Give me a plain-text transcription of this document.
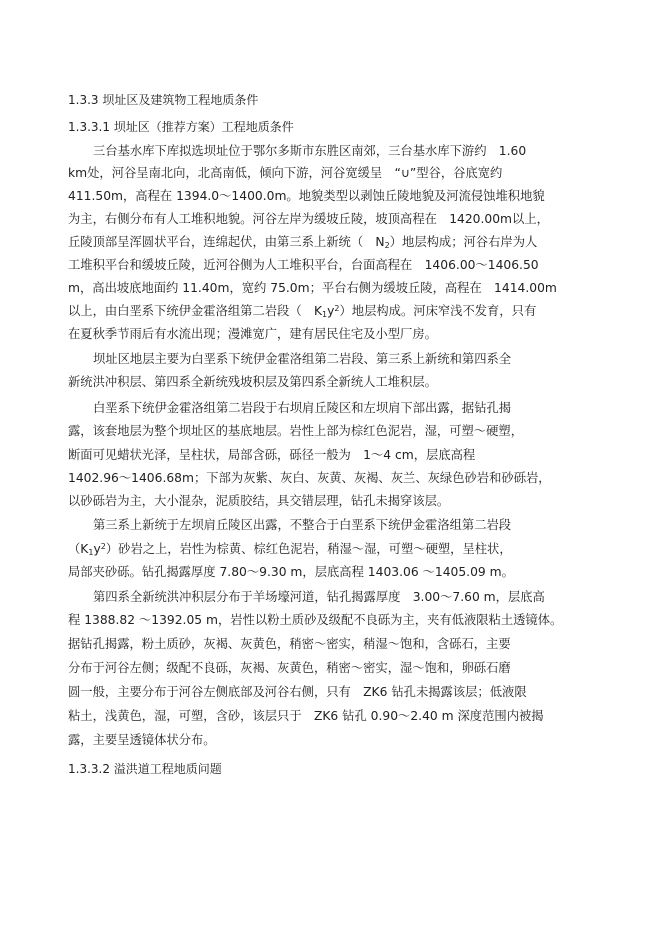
1.3.3 坝址区及建筑物工程地质条件
1.3.3.1 坝址区（推荐方案）工程地质条件
三台基水库下库拟选坝址位于鄂尔多斯市东胜区南郊，三台基水库下游约　1.60
km处，河谷呈南北向，北高南低，倾向下游，河谷宽缓呈　“∪”型谷，谷底宽约
411.50m，高程在 1394.0～1400.0m。地貌类型以剥蚀丘陵地貌及河流侵蚀堆积地貌
为主，右侧分布有人工堆积地貌。河谷左岸为缓坡丘陵，坡顶高程在　1420.00m以上，
丘陵顶部呈浑圆状平台，连绵起伏，由第三系上新统（　$N_2$）地层构成；河谷右岸为人
工堆积平台和缓坡丘陵，近河谷侧为人工堆积平台，台面高程在　1406.00～1406.50
m，高出坡底地面约 11.40m，宽约 75.0m；平台右侧为缓坡丘陵，高程在　1414.00m
以上，由白垩系下统伊金霍洛组第二岩段（　$K_1y^2$）地层构成。河床窄浅不发育，只有
在夏秋季节雨后有水流出现；漫滩宽广，建有居民住宅及小型厂房。
坝址区地层主要为白垩系下统伊金霍洛组第二岩段、第三系上新统和第四系全
新统洪冲积层、第四系全新统残坡积层及第四系全新统人工堆积层。
白垩系下统伊金霍洛组第二岩段于右坝肩丘陵区和左坝肩下部出露，据钻孔揭
露，该套地层为整个坝址区的基底地层。岩性上部为棕红色泥岩，湿，可塑～硬塑，
断面可见蜡状光泽，呈柱状，局部含砾，砾径一般为　1～4 cm，层底高程
1402.96～1406.68m；下部为灰紫、灰白、灰黄、灰褐、灰兰、灰绿色砂岩和砂砾岩，
以砂砾岩为主，大小混杂，泥质胶结，具交错层理，钻孔未揭穿该层。
第三系上新统于左坝肩丘陵区出露，不整合于白垩系下统伊金霍洛组第二岩段
$(K_1y^2)$砂岩之上，岩性为棕黄、棕红色泥岩，稍湿～湿，可塑～硬塑，呈柱状，
局部夹砂砾。钻孔揭露厚度 7.80～9.30 m，层底高程 1403.06 ～1405.09 m。
第四系全新统洪冲积层分布于羊场壕河道，钻孔揭露厚度　3.00～7.60 m，层底高
程 1388.82 ～1392.05 m，岩性以粉土质砂及级配不良砾为主，夹有低液限粘土透镜体。
据钻孔揭露，粉土质砂，灰褐、灰黄色，稍密～密实，稍湿～饱和，含砾石，主要
分布于河谷左侧；级配不良砾，灰褐、灰黄色，稍密～密实，湿～饱和，卵砾石磨
圆一般，主要分布于河谷左侧底部及河谷右侧，只有　ZK6 钻孔未揭露该层；低液限
粘土，浅黄色，湿，可塑，含砂，该层只于　ZK6 钻孔 0.90～2.40 m 深度范围内被揭
露，主要呈透镜体状分布。
1.3.3.2 溢洪道工程地质问题
